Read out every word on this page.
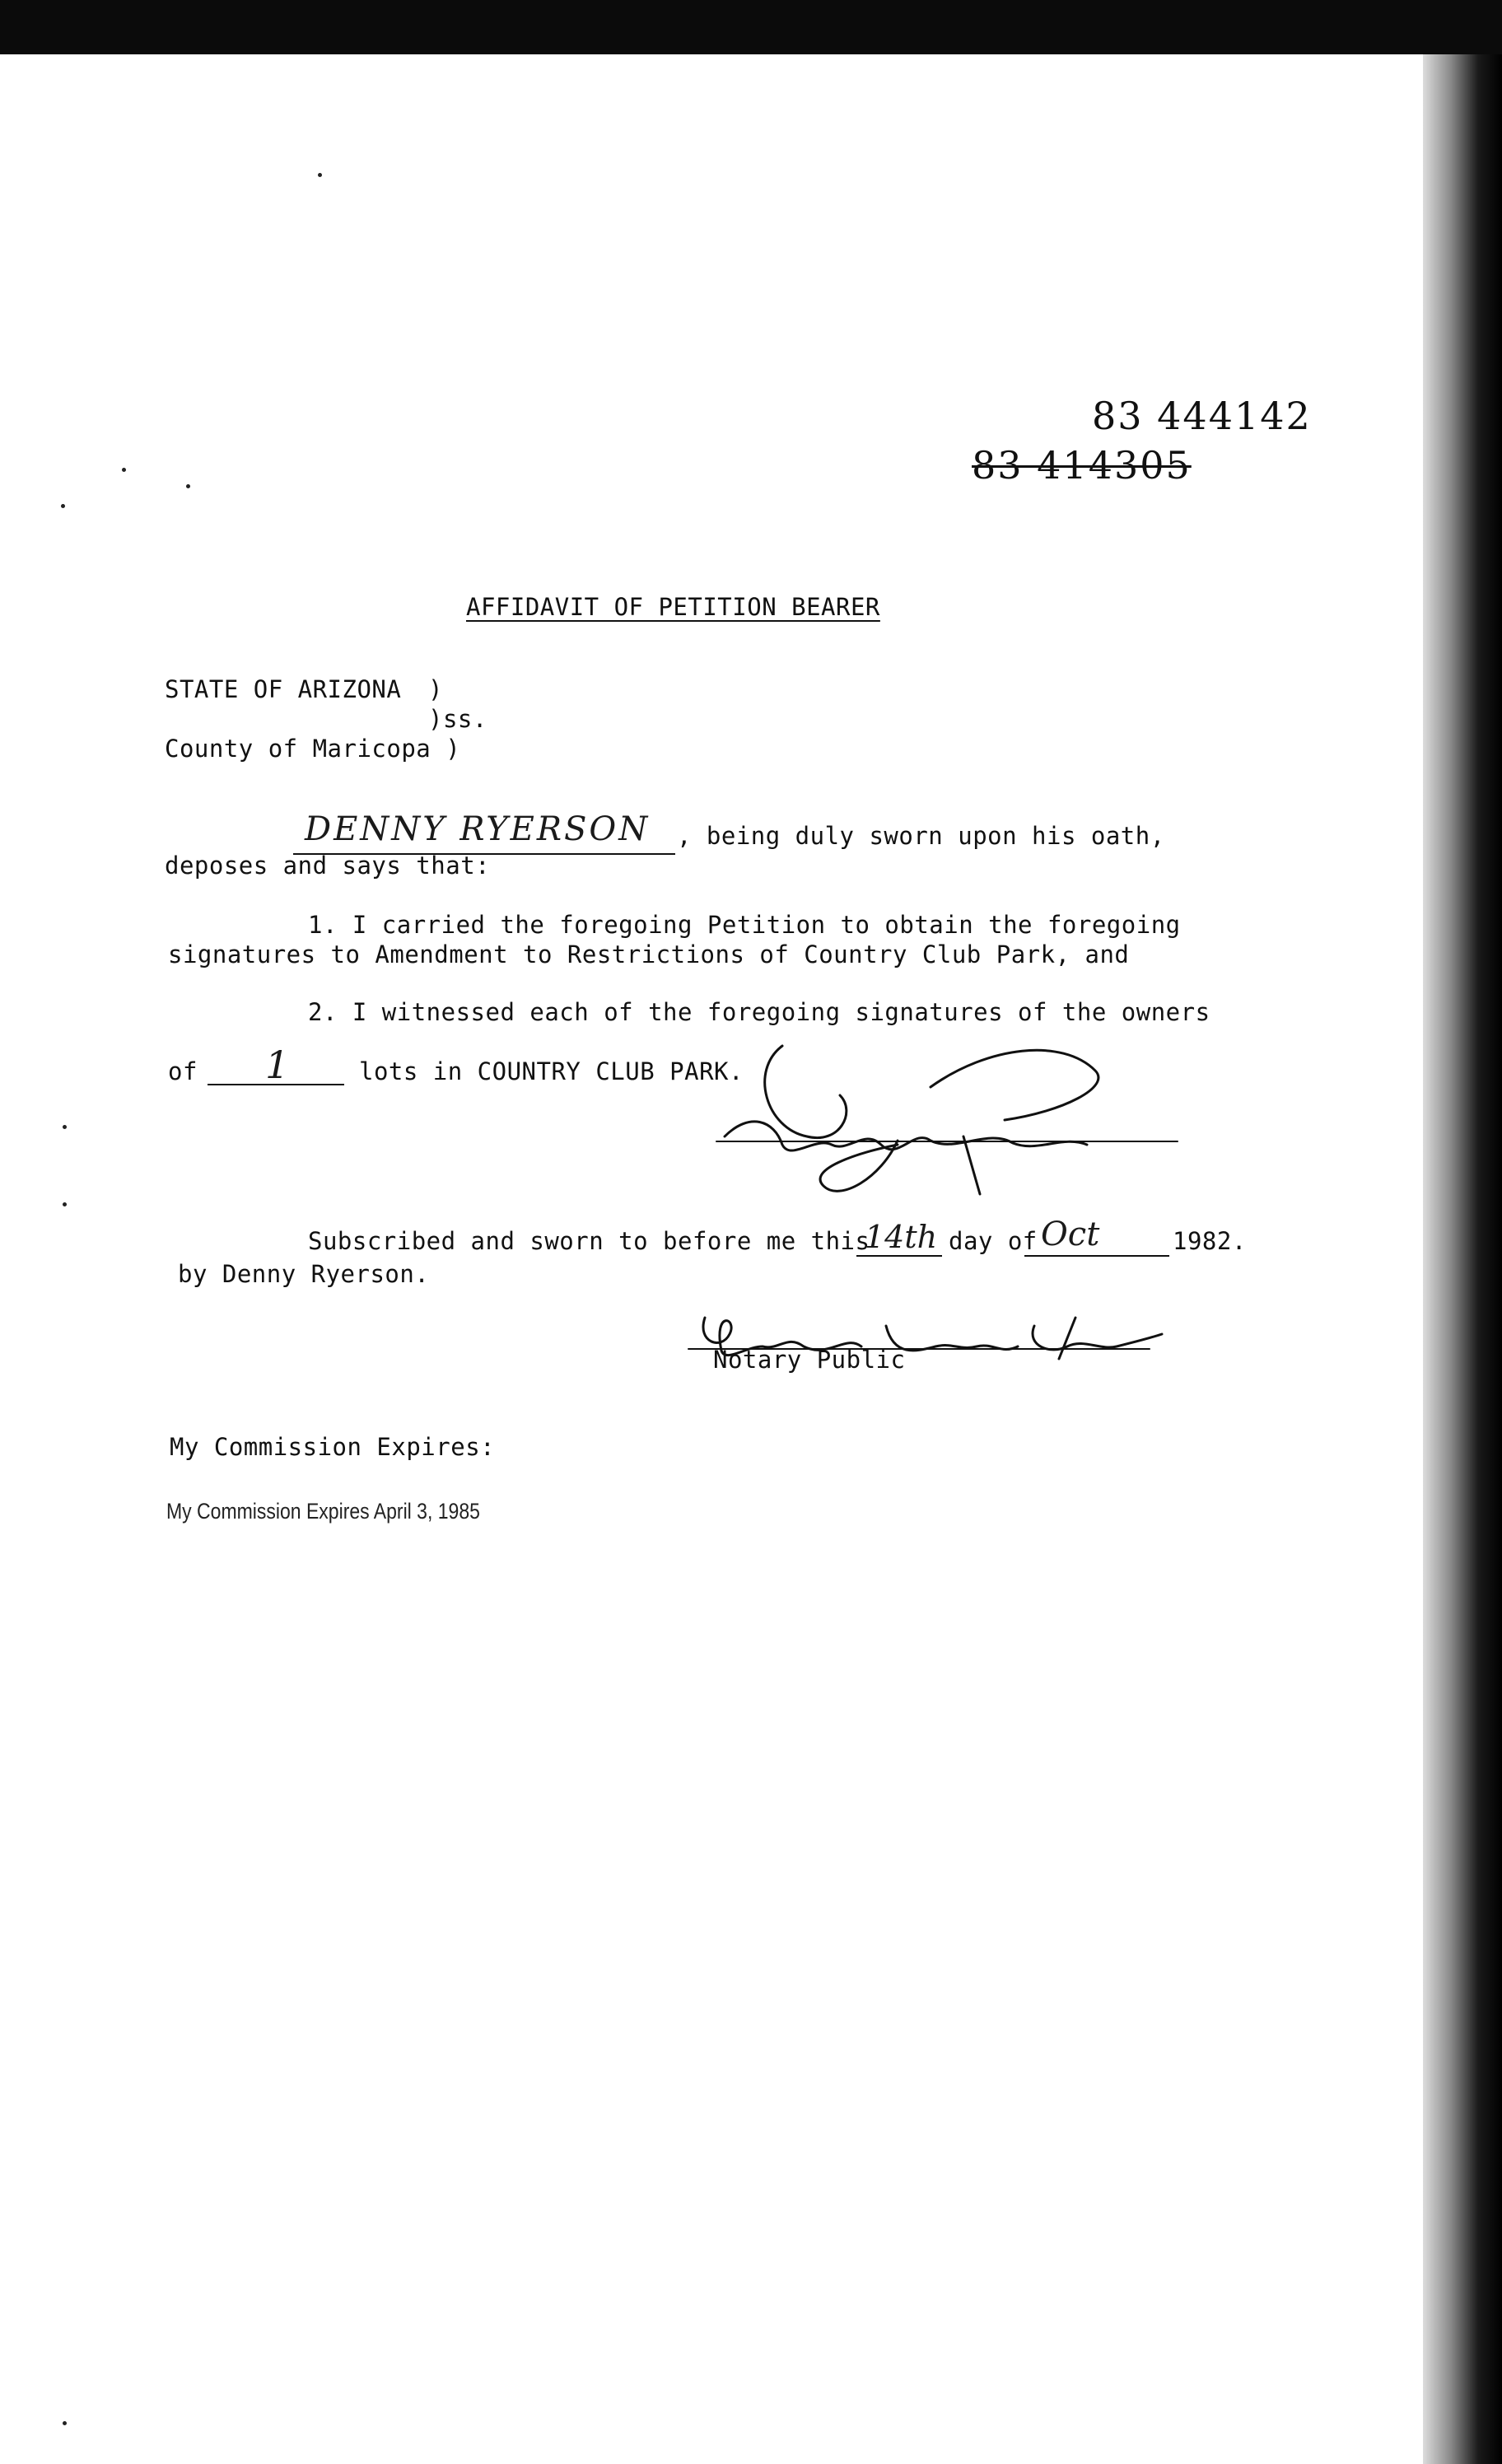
83 444142
83 414305
AFFIDAVIT OF PETITION BEARER
STATE OF ARIZONA )
)ss.
County of Maricopa )
DENNY RYERSON , being duly sworn upon his oath,
deposes and says that:
1. I carried the foregoing Petition to obtain the foregoing
signatures to Amendment to Restrictions of Country Club Park, and
2. I witnessed each of the foregoing signatures of the owners
of 1	lots in COUNTRY CLUB PARK.
Subscribed and sworn to before me this
14th day of Oct	1982.
by Denny Ryerson.
Notary Public
My Commission Expires:
My Commission Expires April 3, 1985
